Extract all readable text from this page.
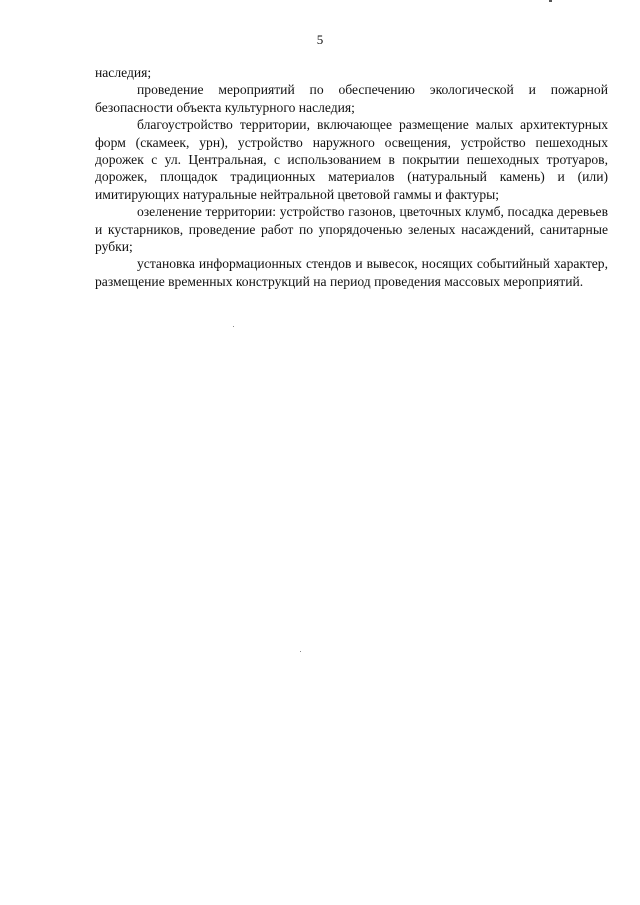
5

наследия;

проведение мероприятий по обеспечению экологической и пожарной безопасности объекта культурного наследия;

благоустройство территории, включающее размещение малых архитектурных форм (скамеек, урн), устройство наружного освещения, устройство пешеходных дорожек с ул. Центральная, с использованием в покрытии пешеходных тротуаров, дорожек, площадок традиционных материалов (натуральный камень) и (или) имитирующих натуральные нейтральной цветовой гаммы и фактуры;

озеленение территории: устройство газонов, цветочных клумб, посадка деревьев и кустарников, проведение работ по упорядоченью зеленых насаждений, санитарные рубки;

установка информационных стендов и вывесок, носящих событийный характер, размещение временных конструкций на период проведения массовых мероприятий.
